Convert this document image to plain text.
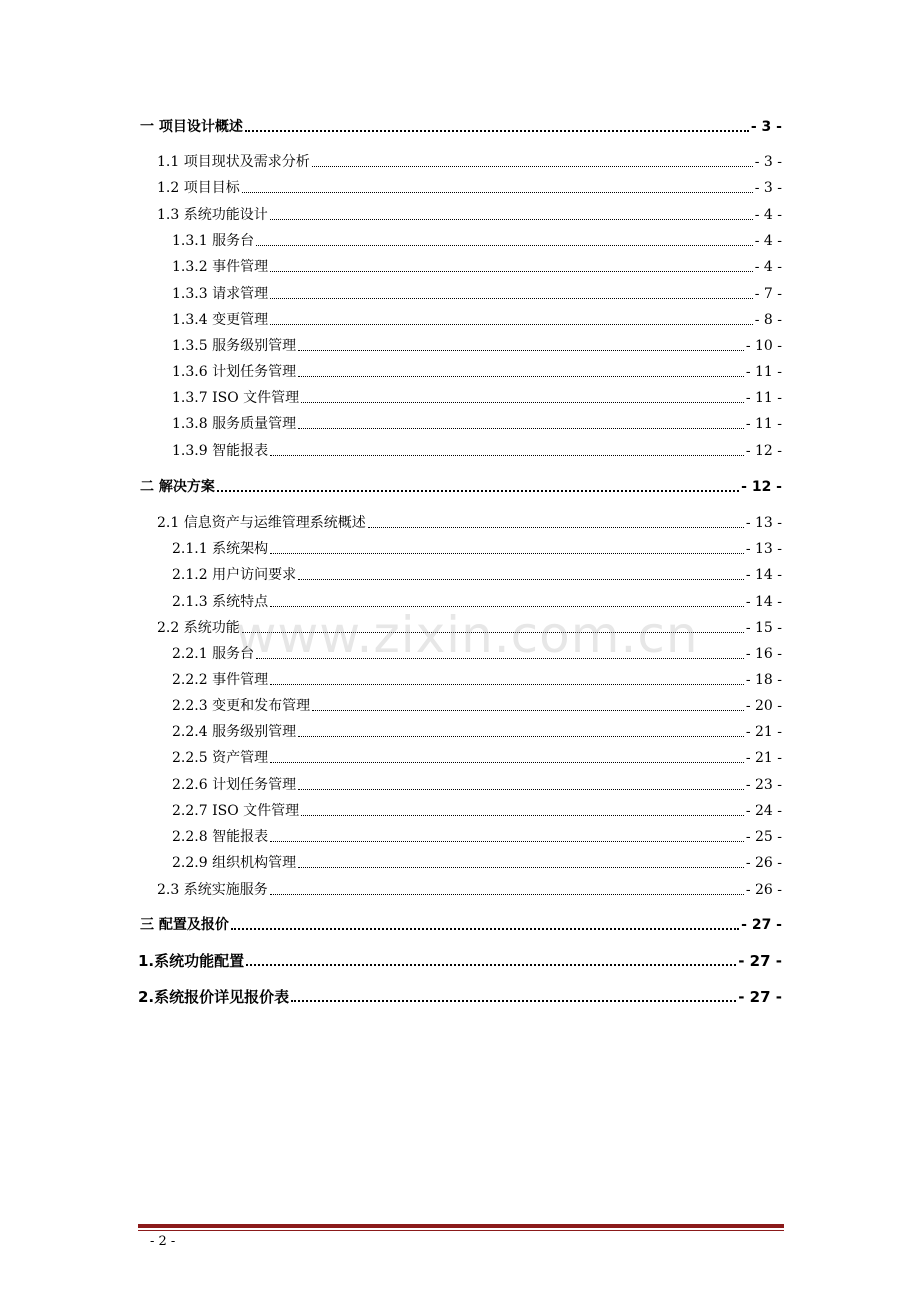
一 项目设计概述	- 3 -
1.1 项目现状及需求分析	- 3 -
1.2 项目目标	- 3 -
1.3 系统功能设计	- 4 -
1.3.1 服务台	- 4 -
1.3.2 事件管理	- 4 -
1.3.3 请求管理	- 7 -
1.3.4 变更管理	- 8 -
1.3.5 服务级别管理	- 10 -
1.3.6 计划任务管理	- 11 -
1.3.7 ISO 文件管理	- 11 -
1.3.8 服务质量管理	- 11 -
1.3.9 智能报表	- 12 -
二 解决方案	- 12 -
2.1 信息资产与运维管理系统概述	- 13 -
2.1.1 系统架构	- 13 -
2.1.2 用户访问要求	- 14 -
2.1.3 系统特点	- 14 -
2.2 系统功能	- 15 -
2.2.1 服务台	- 16 -
2.2.2 事件管理	- 18 -
2.2.3 变更和发布管理	- 20 -
2.2.4 服务级别管理	- 21 -
2.2.5 资产管理	- 21 -
2.2.6 计划任务管理	- 23 -
2.2.7 ISO 文件管理	- 24 -
2.2.8 智能报表	- 25 -
2.2.9 组织机构管理	- 26 -
2.3 系统实施服务	- 26 -
三 配置及报价	- 27 -
1.系统功能配置	- 27 -
2.系统报价详见报价表	- 27 -
www.zixin.com.cn
- 2 -
